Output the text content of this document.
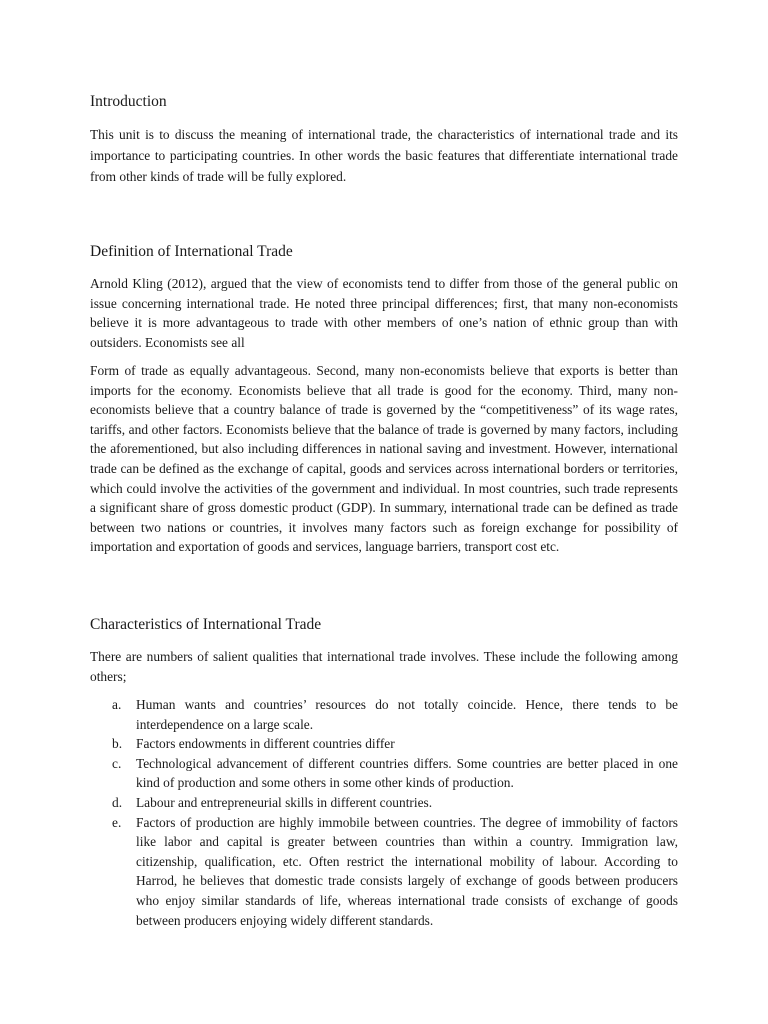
Introduction
This unit is to discuss the meaning of international trade, the characteristics of international trade and its importance to participating countries. In other words the basic features that differentiate international trade from other kinds of trade will be fully explored.
Definition of International Trade
Arnold Kling (2012), argued that the view of economists tend to differ from those of the general public on issue concerning international trade. He noted three principal differences; first, that many non-economists believe it is more advantageous to trade with other members of one’s nation of ethnic group than with outsiders. Economists see all
Form of trade as equally advantageous. Second, many non-economists believe that exports is better than imports for the economy. Economists believe that all trade is good for the economy. Third, many non-economists believe that a country balance of trade is governed by the “competitiveness” of its wage rates, tariffs, and other factors. Economists believe that the balance of trade is governed by many factors, including the aforementioned, but also including differences in national saving and investment. However, international trade can be defined as the exchange of capital, goods and services across international borders or territories, which could involve the activities of the government and individual. In most countries, such trade represents a significant share of gross domestic product (GDP). In summary, international trade can be defined as trade between two nations or countries, it involves many factors such as foreign exchange for possibility of importation and exportation of goods and services, language barriers, transport cost etc.
Characteristics of International Trade
There are numbers of salient qualities that international trade involves. These include the following among others;
a. Human wants and countries’ resources do not totally coincide. Hence, there tends to be interdependence on a large scale.
b. Factors endowments in different countries differ
c. Technological advancement of different countries differs. Some countries are better placed in one kind of production and some others in some other kinds of production.
d. Labour and entrepreneurial skills in different countries.
e. Factors of production are highly immobile between countries. The degree of immobility of factors like labor and capital is greater between countries than within a country. Immigration law, citizenship, qualification, etc. Often restrict the international mobility of labour. According to Harrod, he believes that domestic trade consists largely of exchange of goods between producers who enjoy similar standards of life, whereas international trade consists of exchange of goods between producers enjoying widely different standards.
